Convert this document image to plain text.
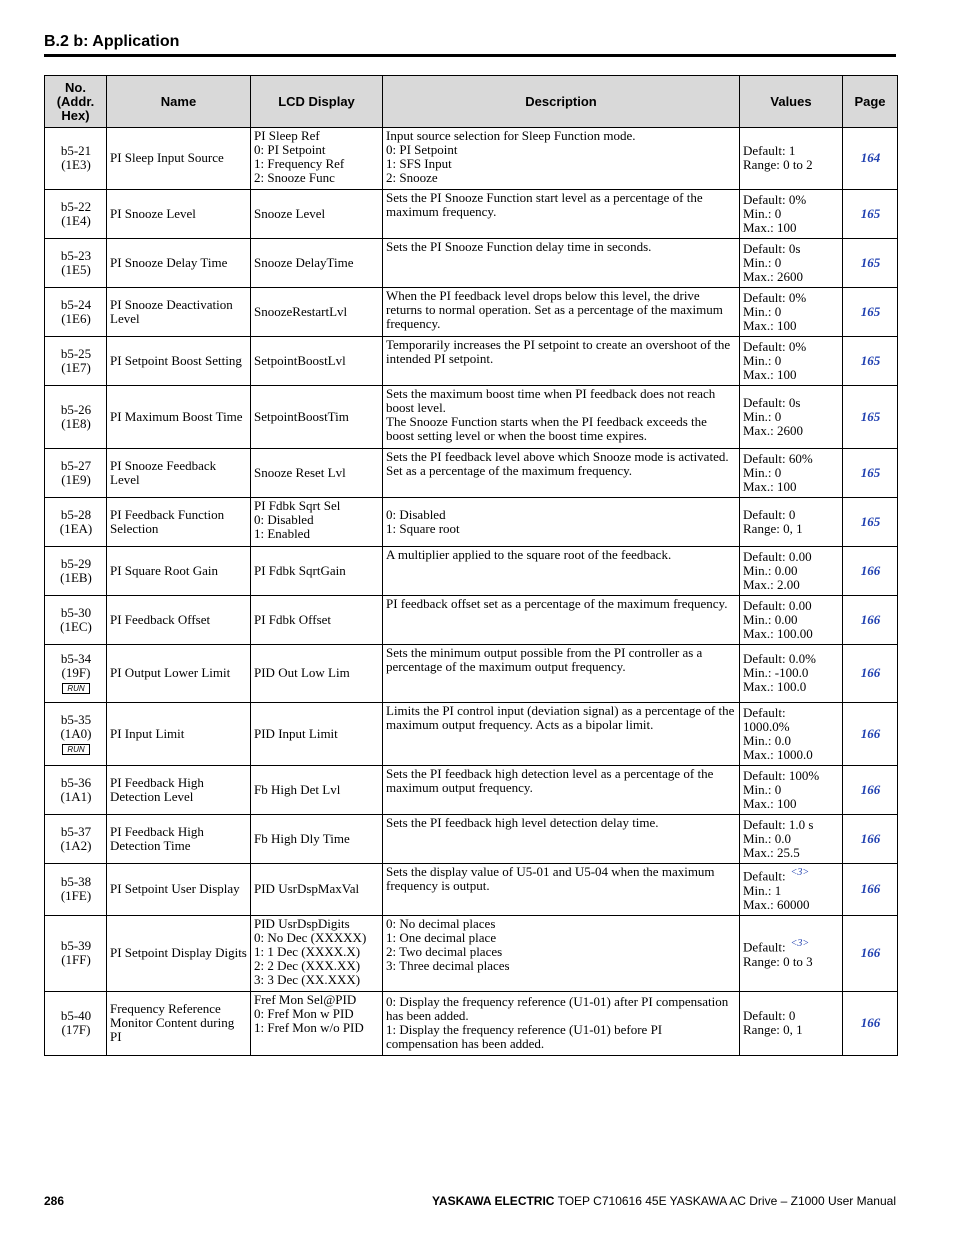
B.2 b: Application
No.
(Addr.
Hex)	Name	LCD Display	Description	Values	Page

b5-21
(1E3)	PI Sleep Input Source	PI Sleep Ref
0: PI Setpoint
1: Frequency Ref
2: Snooze Func	Input source selection for Sleep Function mode.
0: PI Setpoint
1: SFS Input
2: Snooze	Default: 1
Range: 0 to 2	164

b5-22
(1E4)	PI Snooze Level	Snooze Level	Sets the PI Snooze Function start level as a percentage of the maximum frequency.	Default: 0%
Min.: 0
Max.: 100	165

b5-23
(1E5)	PI Snooze Delay Time	Snooze DelayTime	Sets the PI Snooze Function delay time in seconds.	Default: 0s
Min.: 0
Max.: 2600	165

b5-24
(1E6)	PI Snooze Deactivation Level	SnoozeRestartLvl	When the PI feedback level drops below this level, the drive returns to normal operation. Set as a percentage of the maximum frequency.	Default: 0%
Min.: 0
Max.: 100	165

b5-25
(1E7)	PI Setpoint Boost Setting	SetpointBoostLvl	Temporarily increases the PI setpoint to create an overshoot of the intended PI setpoint.	Default: 0%
Min.: 0
Max.: 100	165

b5-26
(1E8)	PI Maximum Boost Time	SetpointBoostTim	Sets the maximum boost time when PI feedback does not reach boost level.
The Snooze Function starts when the PI feedback exceeds the boost setting level or when the boost time expires.	Default: 0s
Min.: 0
Max.: 2600	165

b5-27
(1E9)	PI Snooze Feedback Level	Snooze Reset Lvl	Sets the PI feedback level above which Snooze mode is activated. Set as a percentage of the maximum frequency.	Default: 60%
Min.: 0
Max.: 100	165

b5-28
(1EA)	PI Feedback Function Selection	PI Fdbk Sqrt Sel
0: Disabled
1: Enabled	0: Disabled
1: Square root	Default: 0
Range: 0, 1	165

b5-29
(1EB)	PI Square Root Gain	PI Fdbk SqrtGain	A multiplier applied to the square root of the feedback.	Default: 0.00
Min.: 0.00
Max.: 2.00	166

b5-30
(1EC)	PI Feedback Offset	PI Fdbk Offset	PI feedback offset set as a percentage of the maximum frequency.	Default: 0.00
Min.: 0.00
Max.: 100.00	166

b5-34
(19F)
RUN	PI Output Lower Limit	PID Out Low Lim	Sets the minimum output possible from the PI controller as a percentage of the maximum output frequency.	Default: 0.0%
Min.: -100.0
Max.: 100.0	166

b5-35
(1A0)
RUN	PI Input Limit	PID Input Limit	Limits the PI control input (deviation signal) as a percentage of the maximum output frequency. Acts as a bipolar limit.	Default:
1000.0%
Min.: 0.0
Max.: 1000.0	166

b5-36
(1A1)	PI Feedback High Detection Level	Fb High Det Lvl	Sets the PI feedback high detection level as a percentage of the maximum output frequency.	Default: 100%
Min.: 0
Max.: 100	166

b5-37
(1A2)	PI Feedback High Detection Time	Fb High Dly Time	Sets the PI feedback high level detection delay time.	Default: 1.0 s
Min.: 0.0
Max.: 25.5	166

b5-38
(1FE)	PI Setpoint User Display	PID UsrDspMaxVal	Sets the display value of U5-01 and U5-04 when the maximum frequency is output.	Default: $^{<3>}$
Min.: 1
Max.: 60000	166

b5-39
(1FF)	PI Setpoint Display Digits	PID UsrDspDigits
0: No Dec (XXXXX)
1: 1 Dec (XXXX.X)
2: 2 Dec (XXX.XX)
3: 3 Dec (XX.XXX)	0: No decimal places
1: One decimal place
2: Two decimal places
3: Three decimal places	Default: $^{<3>}$
Range: 0 to 3	166

b5-40
(17F)	Frequency Reference Monitor Content during PI	Fref Mon Sel@PID
0: Fref Mon w PID
1: Fref Mon w/o PID	0: Display the frequency reference (U1-01) after PI compensation has been added.
1: Display the frequency reference (U1-01) before PI compensation has been added.	Default: 0
Range: 0, 1	166
286	YASKAWA ELECTRIC TOEP C710616 45E YASKAWA AC Drive – Z1000 User Manual
